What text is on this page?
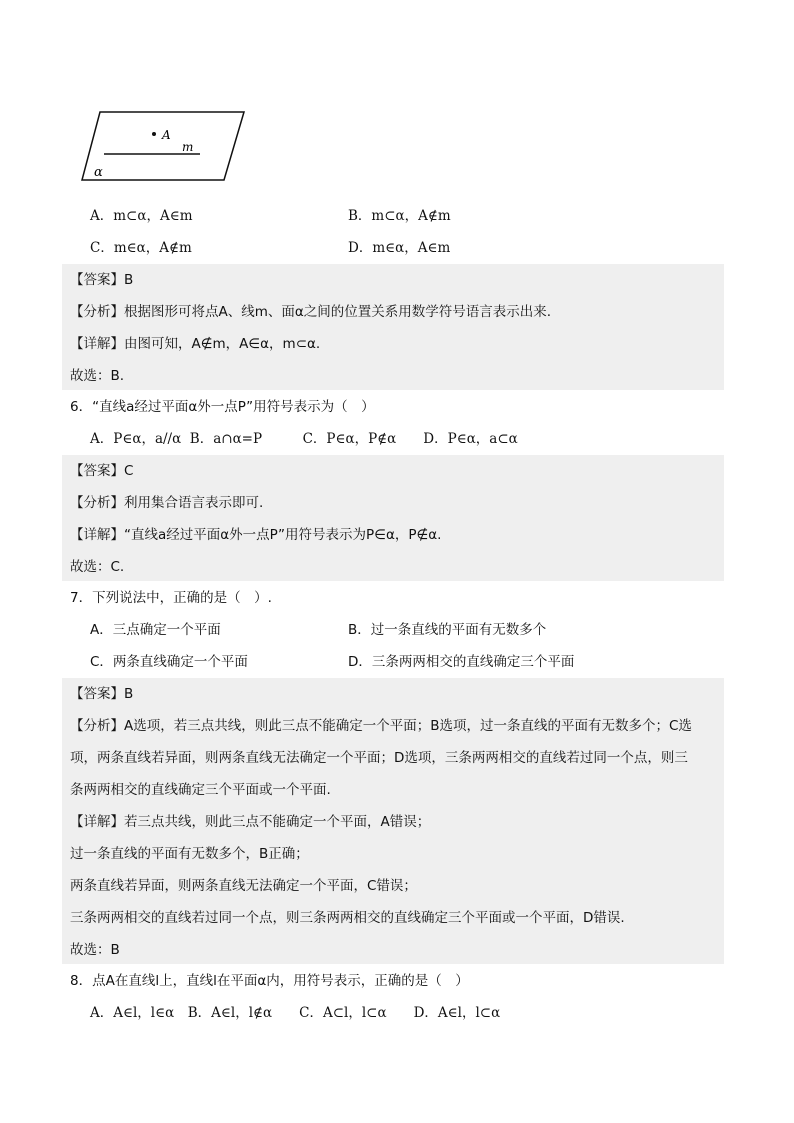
A
m
α
A．m⊂α，A∈m	B．m⊂α，A∉m
C．m∈α，A∉m	D．m∈α，A∈m
【答案】B
【分析】根据图形可将点A、线m、面α之间的位置关系用数学符号语言表示出来.
【详解】由图可知，A∉m，A∈α，m⊂α.
故选：B.
6．“直线a经过平面α外一点P”用符号表示为（　）
A．P∈α，a//α  B．a∩α=P　　　C．P∈α，P∉α　　D．P∈α，a⊂α
【答案】C
【分析】利用集合语言表示即可.
【详解】“直线a经过平面α外一点P”用符号表示为P∈α，P∉α.
故选：C.
7．下列说法中，正确的是（　）.
A．三点确定一个平面	B．过一条直线的平面有无数多个
C．两条直线确定一个平面	D．三条两两相交的直线确定三个平面
【答案】B
【分析】A选项，若三点共线，则此三点不能确定一个平面；B选项，过一条直线的平面有无数多个；C选
项，两条直线若异面，则两条直线无法确定一个平面；D选项，三条两两相交的直线若过同一个点，则三
条两两相交的直线确定三个平面或一个平面.
【详解】若三点共线，则此三点不能确定一个平面，A错误；
过一条直线的平面有无数多个，B正确；
两条直线若异面，则两条直线无法确定一个平面，C错误；
三条两两相交的直线若过同一个点，则三条两两相交的直线确定三个平面或一个平面，D错误.
故选：B
8．点A在直线l上，直线l在平面α内，用符号表示，正确的是（　）
A．A∈l，l∈α　B．A∈l，l∉α　　C．A⊂l，l⊂α　　D．A∈l，l⊂α
